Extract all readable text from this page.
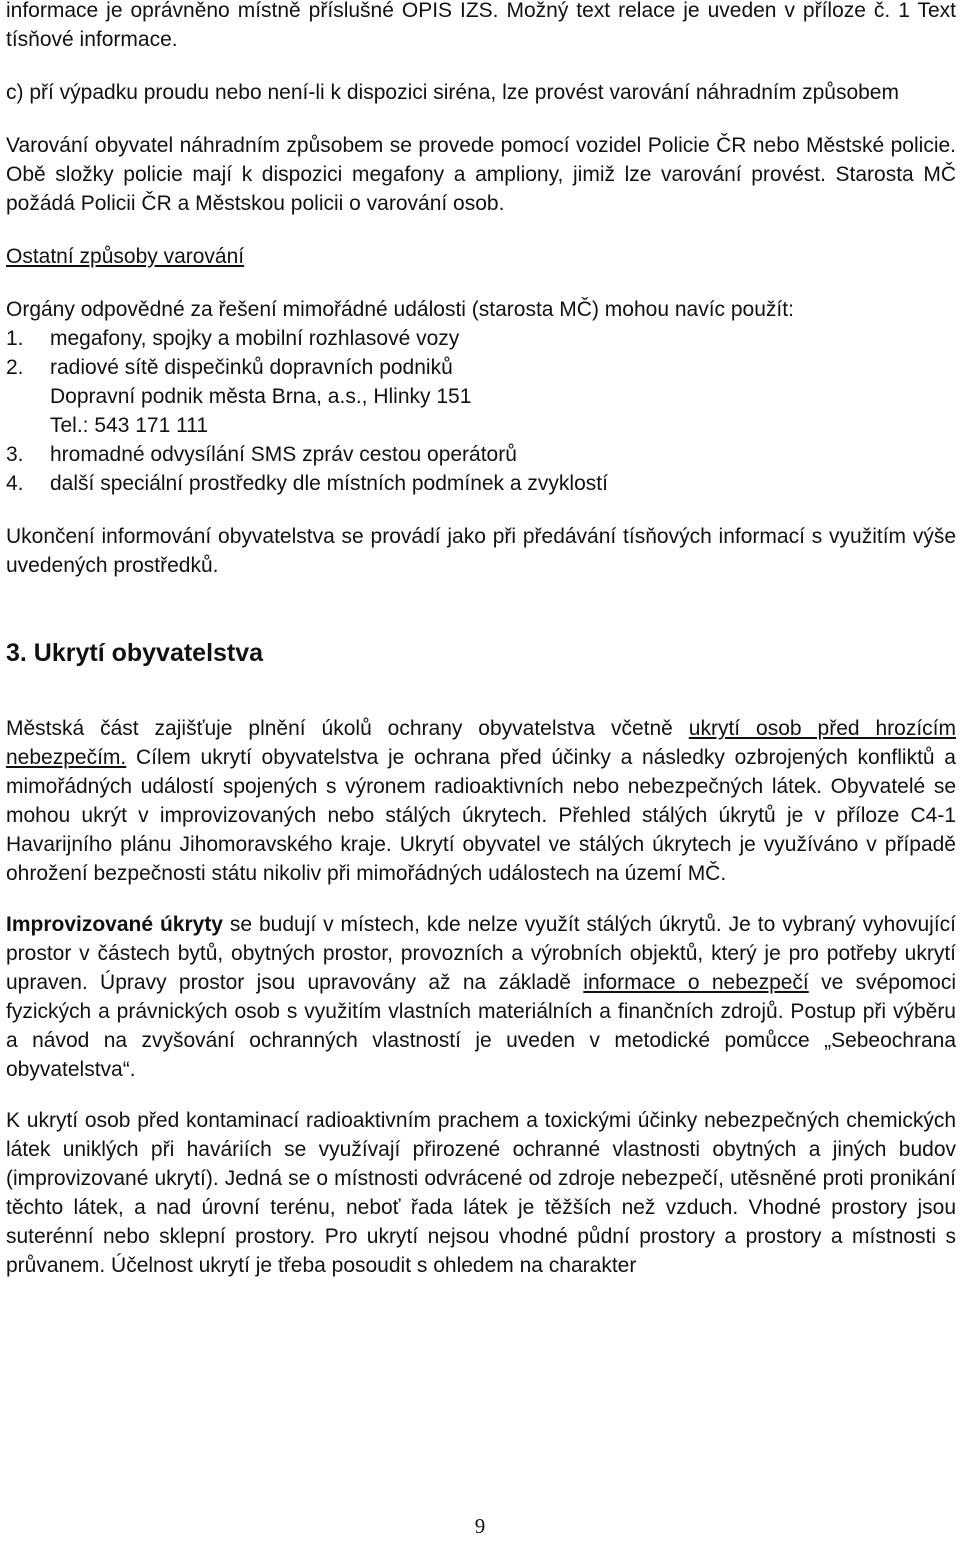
informace je oprávněno místně příslušné OPIS IZS. Možný text relace je uveden v příloze č. 1 Text tísňové informace.

c) pří výpadku proudu nebo není-li k dispozici siréna, lze provést varování náhradním způsobem

Varování obyvatel náhradním způsobem se provede pomocí vozidel Policie ČR nebo Městské policie. Obě složky policie mají k dispozici megafony a ampliony, jimiž lze varování provést. Starosta MČ požádá Policii ČR a Městskou policii o varování osob.

Ostatní způsoby varování

Orgány odpovědné za řešení mimořádné události (starosta MČ) mohou navíc použít:

1.	megafony, spojky a mobilní rozhlasové vozy
2.	radiové sítě dispečinků dopravních podniků
Dopravní podnik města Brna, a.s., Hlinky 151
Tel.: 543 171 111
3.	hromadné odvysílání SMS zpráv cestou operátorů
4.	další speciální prostředky dle místních podmínek a zvyklostí

Ukončení informování obyvatelstva se provádí jako při předávání tísňových informací s využitím výše uvedených prostředků.

3. Ukrytí obyvatelstva

Městská část zajišťuje plnění úkolů ochrany obyvatelstva včetně ukrytí osob před hrozícím nebezpečím. Cílem ukrytí obyvatelstva je ochrana před účinky a následky ozbrojených konfliktů a mimořádných událostí spojených s výronem radioaktivních nebo nebezpečných látek. Obyvatelé se mohou ukrýt v improvizovaných nebo stálých úkrytech. Přehled stálých úkrytů je v příloze C4-1 Havarijního plánu Jihomoravského kraje. Ukrytí obyvatel ve stálých úkrytech je využíváno v případě ohrožení bezpečnosti státu nikoliv při mimořádných událostech na území MČ.

Improvizované úkryty se budují v místech, kde nelze využít stálých úkrytů. Je to vybraný vyhovující prostor v částech bytů, obytných prostor, provozních a výrobních objektů, který je pro potřeby ukrytí upraven. Úpravy prostor jsou upravovány až na základě informace o nebezpečí ve svépomoci fyzických a právnických osob s využitím vlastních materiálních a finančních zdrojů. Postup při výběru a návod na zvyšování ochranných vlastností je uveden v metodické pomůcce „Sebeochrana obyvatelstva“.

K ukrytí osob před kontaminací radioaktivním prachem a toxickými účinky nebezpečných chemických látek uniklých při haváriích se využívají přirozené ochranné vlastnosti obytných a jiných budov (improvizované ukrytí). Jedná se o místnosti odvrácené od zdroje nebezpečí, utěsněné proti pronikání těchto látek, a nad úrovní terénu, neboť řada látek je těžších než vzduch. Vhodné prostory jsou suterénní nebo sklepní prostory. Pro ukrytí nejsou vhodné půdní prostory a prostory a místnosti s průvanem. Účelnost ukrytí je třeba posoudit s ohledem na charakter

9
